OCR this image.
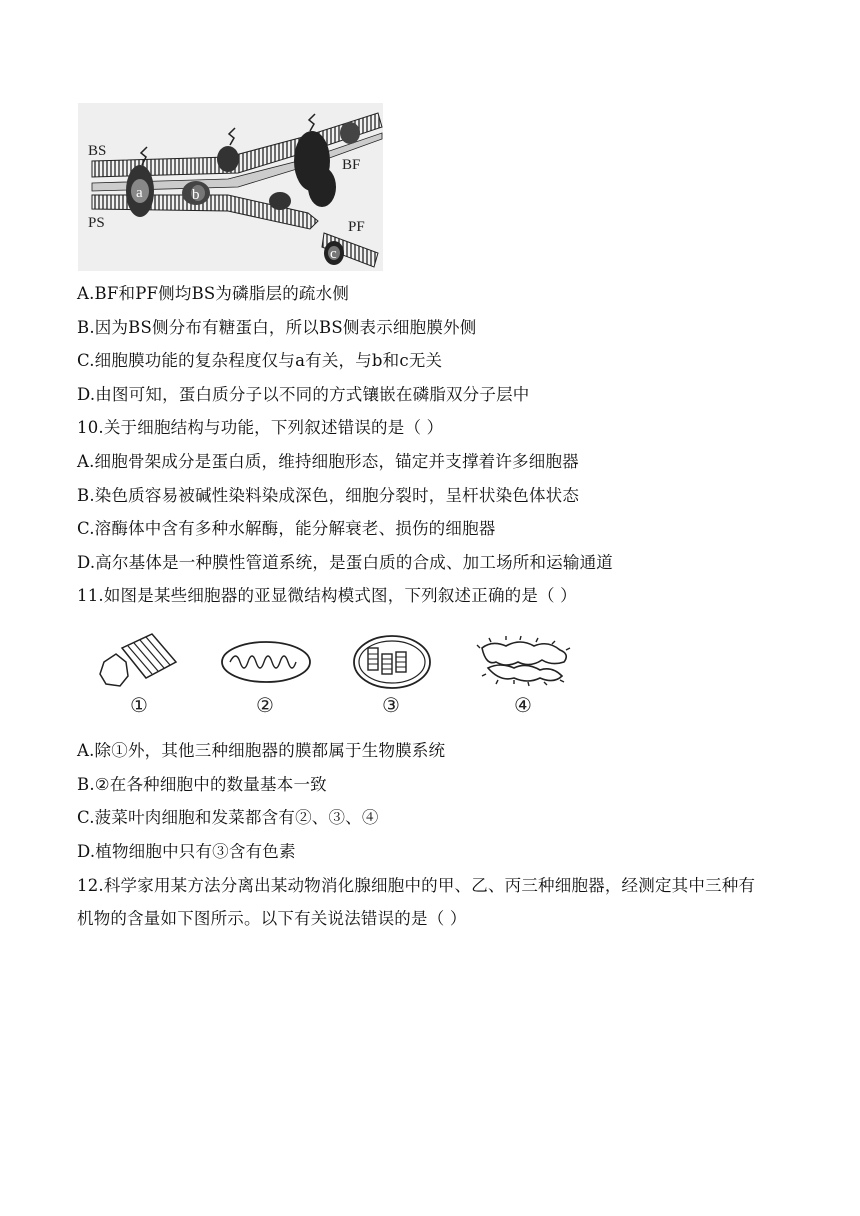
BS
PS
BF
PF
a	b
c
A.BF和PF侧均BS为磷脂层的疏水侧
B.因为BS侧分布有糖蛋白，所以BS侧表示细胞膜外侧
C.细胞膜功能的复杂程度仅与a有关，与b和c无关
D.由图可知，蛋白质分子以不同的方式镶嵌在磷脂双分子层中
10.关于细胞结构与功能，下列叙述错误的是（ ）
A.细胞骨架成分是蛋白质，维持细胞形态，锚定并支撑着许多细胞器
B.染色质容易被碱性染料染成深色，细胞分裂时，呈杆状染色体状态
C.溶酶体中含有多种水解酶，能分解衰老、损伤的细胞器
D.高尔基体是一种膜性管道系统，是蛋白质的合成、加工场所和运输通道
11.如图是某些细胞器的亚显微结构模式图，下列叙述正确的是（ ）
①	②	③	④
A.除①外，其他三种细胞器的膜都属于生物膜系统
B.②在各种细胞中的数量基本一致
C.菠菜叶肉细胞和发菜都含有②、③、④
D.植物细胞中只有③含有色素
12.科学家用某方法分离出某动物消化腺细胞中的甲、乙、丙三种细胞器，经测定其中三种有
机物的含量如下图所示。以下有关说法错误的是（ ）
